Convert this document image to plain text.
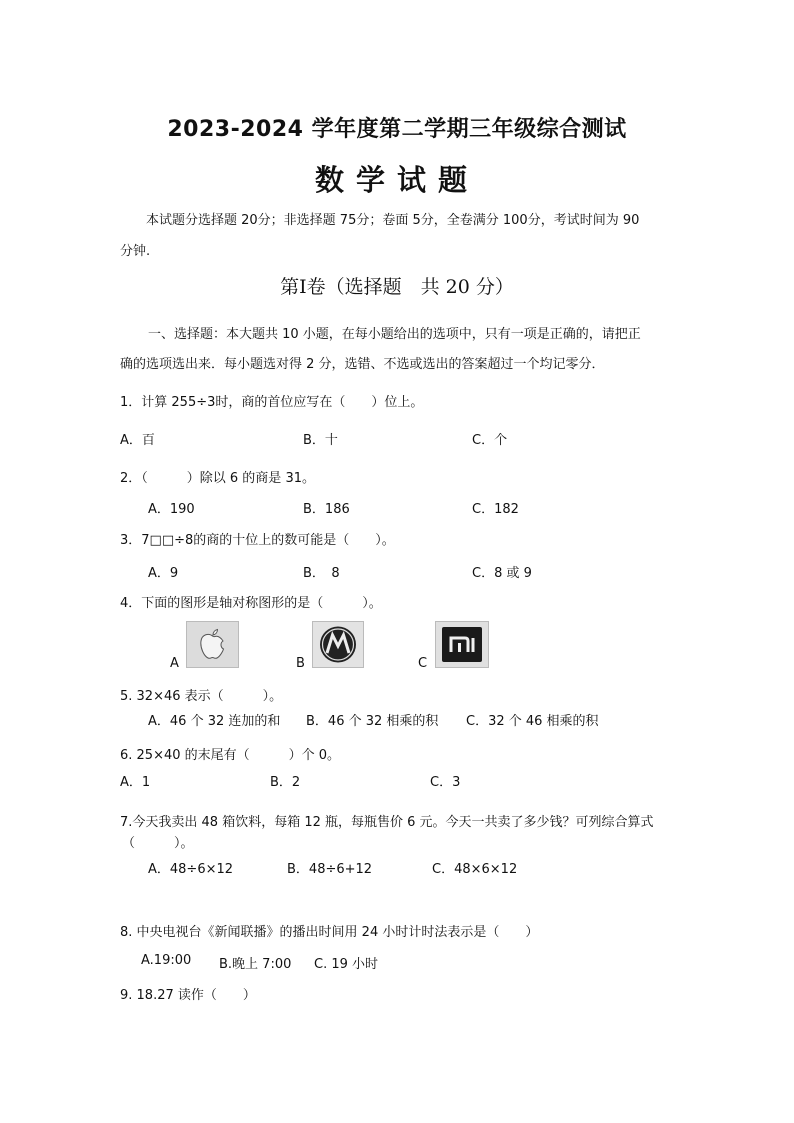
2023-2024 学年度第二学期三年级综合测试
数学试题
本试题分选择题 20分；非选择题 75分；卷面 5分，全卷满分 100分，考试时间为 90
分钟.
第Ⅰ卷（选择题　共 20 分）
一、选择题：本大题共 10 小题，在每小题给出的选项中，只有一项是正确的，请把正
确的选项选出来．每小题选对得 2 分，选错、不选或选出的答案超过一个均记零分．
1．计算 255÷3时，商的首位应写在（　　）位上。
A．百	B．十	C．个
2．（　　　）除以 6 的商是 31。
A．190	B．186	C．182
3．7□□÷8的商的十位上的数可能是（　　）。
A．9	B．　8	C．8 或 9
4．下面的图形是轴对称图形的是（　　　）。
A	B	C
5. 32×46 表示（　　　）。
A．46 个 32 连加的和 B．46 个 32 相乘的积 C．32 个 46 相乘的积
6. 25×40 的末尾有（　　　）个 0。
A．1	B．2	C．3
7.今天我卖出 48 箱饮料，每箱 12 瓶，每瓶售价 6 元。今天一共卖了多少钱？可列综合算式
（　　　）。
A．48÷6×12	B．48÷6+12	C．48×6×12
8. 中央电视台《新闻联播》的播出时间用 24 小时计时法表示是（　　）
A.19:00 B.晚上 7:00 C. 19 小时
9. 18.27 读作（　　）
